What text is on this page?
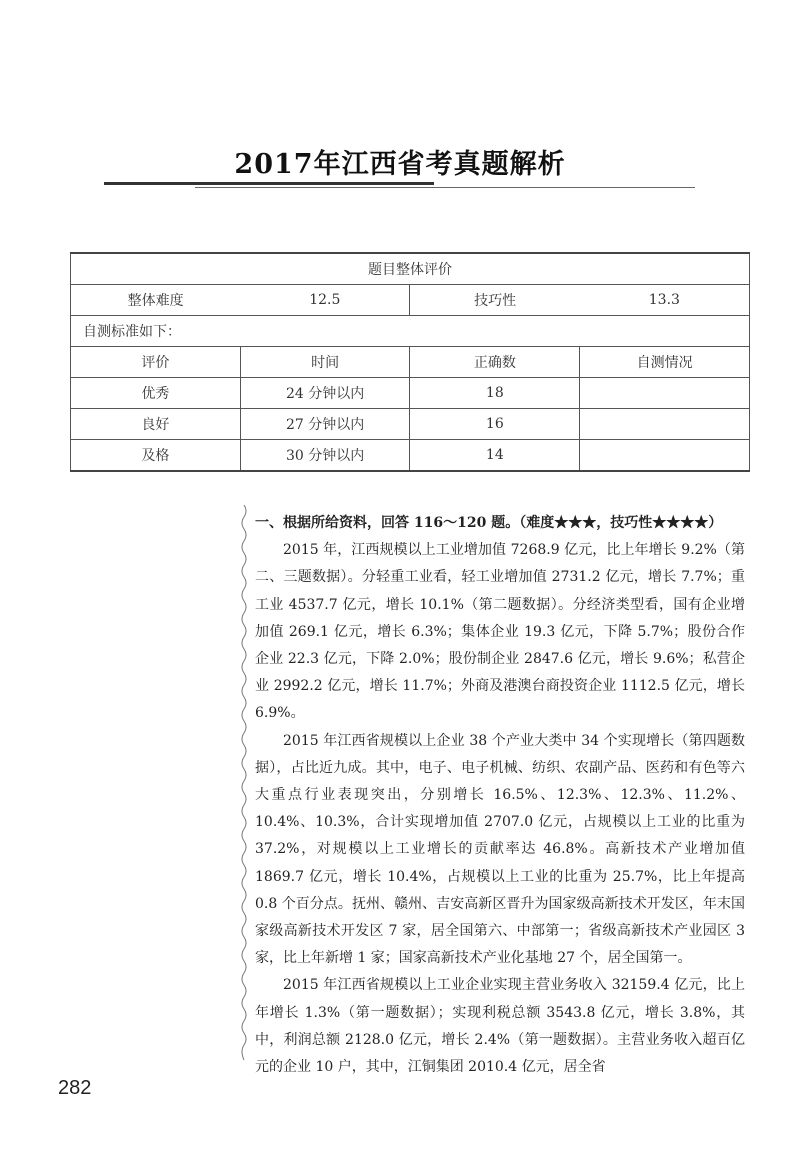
2017年江西省考真题解析
题目整体评价			
整体难度	12.5	技巧性	13.3
自测标准如下：			
评价	时间	正确数	自测情况
优秀	24 分钟以内	18	
良好	27 分钟以内	16	
及格	30 分钟以内	14	

一、根据所给资料，回答 116～120 题。（难度★★★，技巧性★★★★）

2015 年，江西规模以上工业增加值 7268.9 亿元，比上年增长 9.2%（第二、三题数据）。分轻重工业看，轻工业增加值 2731.2 亿元，增长 7.7%；重工业 4537.7 亿元，增长 10.1%（第二题数据）。分经济类型看，国有企业增加值 269.1 亿元，增长 6.3%；集体企业 19.3 亿元，下降 5.7%；股份合作企业 22.3 亿元，下降 2.0%；股份制企业 2847.6 亿元，增长 9.6%；私营企业 2992.2 亿元，增长 11.7%；外商及港澳台商投资企业 1112.5 亿元，增长 6.9%。

2015 年江西省规模以上企业 38 个产业大类中 34 个实现增长（第四题数据），占比近九成。其中，电子、电子机械、纺织、农副产品、医药和有色等六大重点行业表现突出，分别增长 16.5%、12.3%、12.3%、11.2%、10.4%、10.3%，合计实现增加值 2707.0 亿元，占规模以上工业的比重为 37.2%，对规模以上工业增长的贡献率达 46.8%。高新技术产业增加值 1869.7 亿元，增长 10.4%，占规模以上工业的比重为 25.7%，比上年提高 0.8 个百分点。抚州、赣州、吉安高新区晋升为国家级高新技术开发区，年末国家级高新技术开发区 7 家，居全国第六、中部第一；省级高新技术产业园区 3 家，比上年新增 1 家；国家高新技术产业化基地 27 个，居全国第一。

2015 年江西省规模以上工业企业实现主营业务收入 32159.4 亿元，比上年增长 1.3%（第一题数据）；实现利税总额 3543.8 亿元，增长 3.8%，其中，利润总额 2128.0 亿元，增长 2.4%（第一题数据）。主营业务收入超百亿元的企业 10 户，其中，江铜集团 2010.4 亿元，居全省

282
